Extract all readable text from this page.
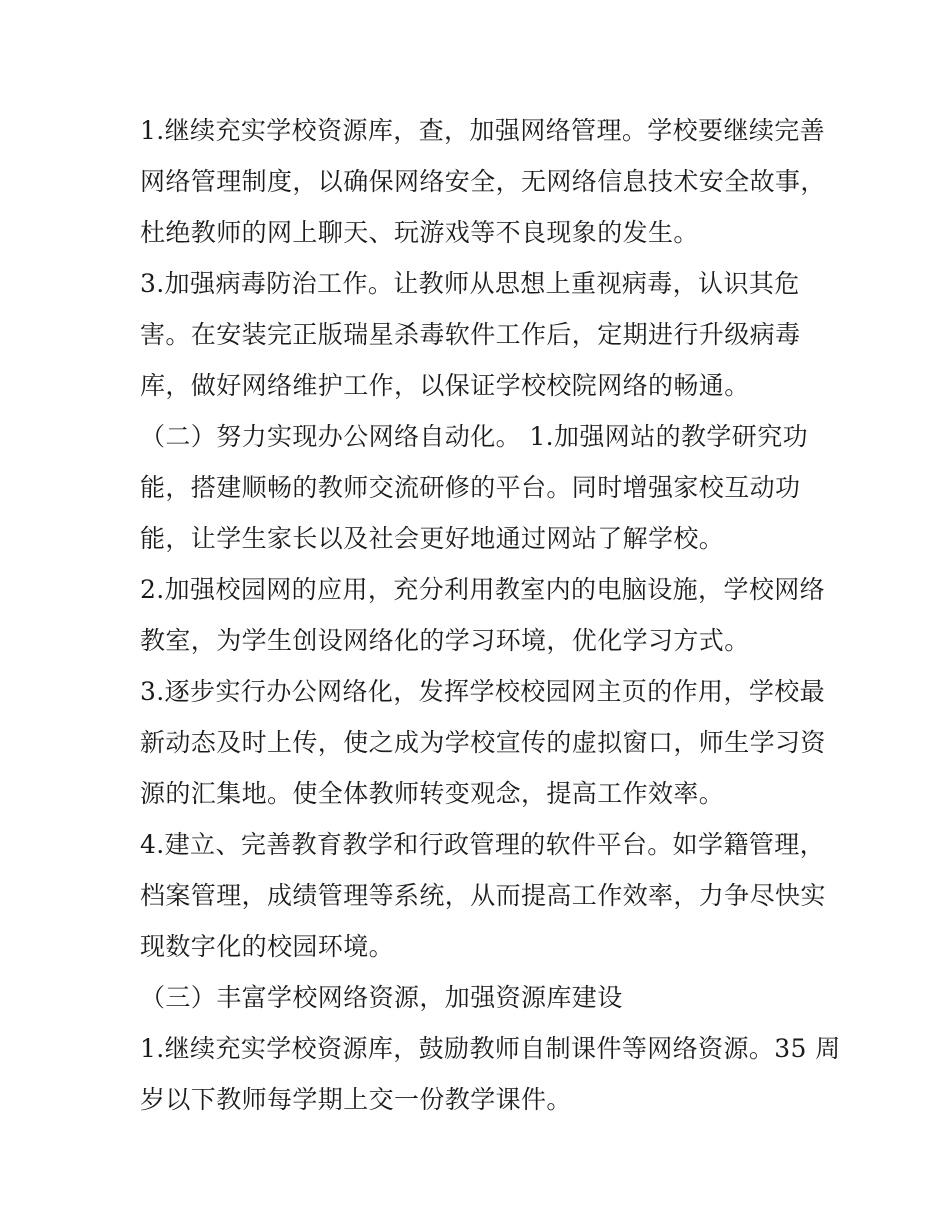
1.继续充实学校资源库，查，加强网络管理。学校要继续完善
网络管理制度，以确保网络安全，无网络信息技术安全故事，
杜绝教师的网上聊天、玩游戏等不良现象的发生。
3.加强病毒防治工作。让教师从思想上重视病毒，认识其危
害。在安装完正版瑞星杀毒软件工作后，定期进行升级病毒
库，做好网络维护工作，以保证学校校院网络的畅通。
（二）努力实现办公网络自动化。 1.加强网站的教学研究功
能，搭建顺畅的教师交流研修的平台。同时增强家校互动功
能，让学生家长以及社会更好地通过网站了解学校。
2.加强校园网的应用，充分利用教室内的电脑设施，学校网络
教室，为学生创设网络化的学习环境，优化学习方式。
3.逐步实行办公网络化，发挥学校校园网主页的作用，学校最
新动态及时上传，使之成为学校宣传的虚拟窗口，师生学习资
源的汇集地。使全体教师转变观念，提高工作效率。
4.建立、完善教育教学和行政管理的软件平台。如学籍管理，
档案管理，成绩管理等系统，从而提高工作效率，力争尽快实
现数字化的校园环境。
（三）丰富学校网络资源，加强资源库建设
1.继续充实学校资源库，鼓励教师自制课件等网络资源。35 周
岁以下教师每学期上交一份教学课件。
